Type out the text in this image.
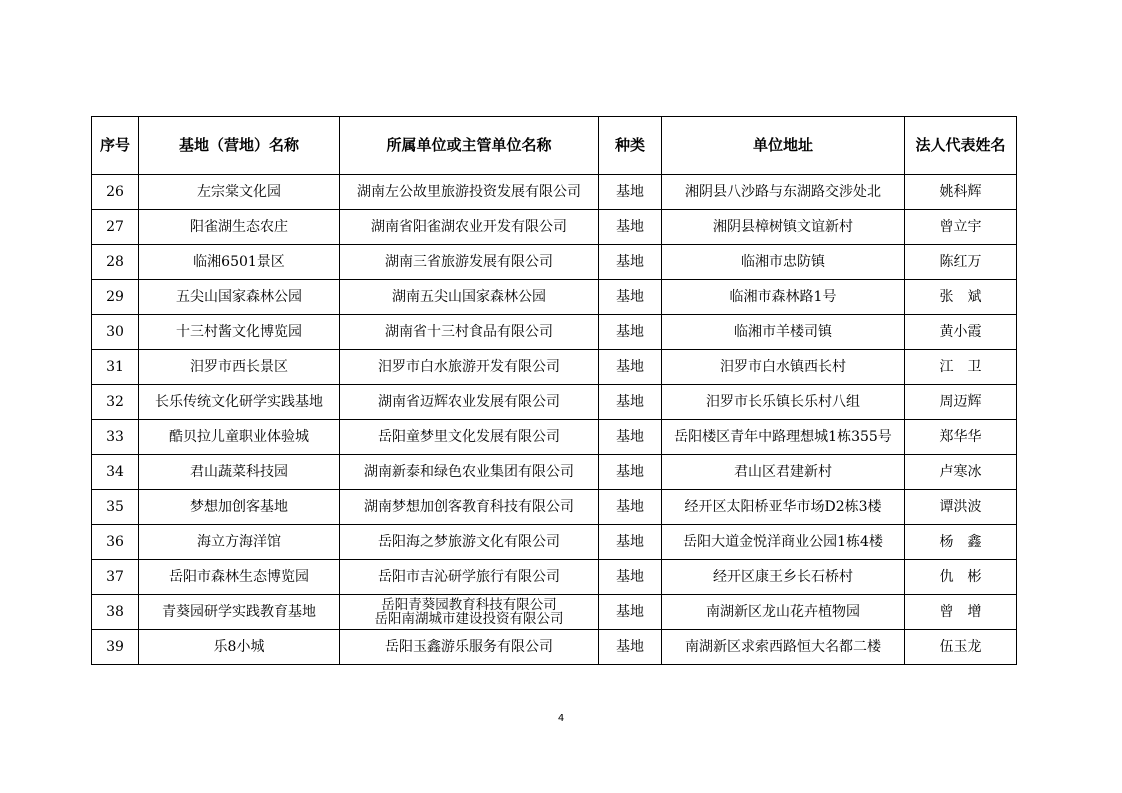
序号	基地（营地）名称	所属单位或主管单位名称	种类	单位地址	法人代表姓名
26	左宗棠文化园	湖南左公故里旅游投资发展有限公司	基地	湘阴县八沙路与东湖路交涉处北	姚科辉
27	阳雀湖生态农庄	湖南省阳雀湖农业开发有限公司	基地	湘阴县樟树镇文谊新村	曾立宇
28	临湘6501景区	湖南三省旅游发展有限公司	基地	临湘市忠防镇	陈红万
29	五尖山国家森林公园	湖南五尖山国家森林公园	基地	临湘市森林路1号	张　斌
30	十三村酱文化博览园	湖南省十三村食品有限公司	基地	临湘市羊楼司镇	黄小霞
31	汨罗市西长景区	汨罗市白水旅游开发有限公司	基地	汨罗市白水镇西长村	江　卫
32	长乐传统文化研学实践基地	湖南省迈辉农业发展有限公司	基地	汨罗市长乐镇长乐村八组	周迈辉
33	酷贝拉儿童职业体验城	岳阳童梦里文化发展有限公司	基地	岳阳楼区青年中路理想城1栋355号	郑华华
34	君山蔬菜科技园	湖南新泰和绿色农业集团有限公司	基地	君山区君建新村	卢寒冰
35	梦想加创客基地	湖南梦想加创客教育科技有限公司	基地	经开区太阳桥亚华市场D2栋3楼	谭洪波
36	海立方海洋馆	岳阳海之梦旅游文化有限公司	基地	岳阳大道金悦洋商业公园1栋4楼	杨　鑫
37	岳阳市森林生态博览园	岳阳市吉沁研学旅行有限公司	基地	经开区康王乡长石桥村	仇　彬
38	青葵园研学实践教育基地	岳阳青葵园教育科技有限公司
岳阳南湖城市建设投资有限公司	基地	南湖新区龙山花卉植物园	曾　增
39	乐8小城	岳阳玉鑫游乐服务有限公司	基地	南湖新区求索西路恒大名都二楼	伍玉龙
4
